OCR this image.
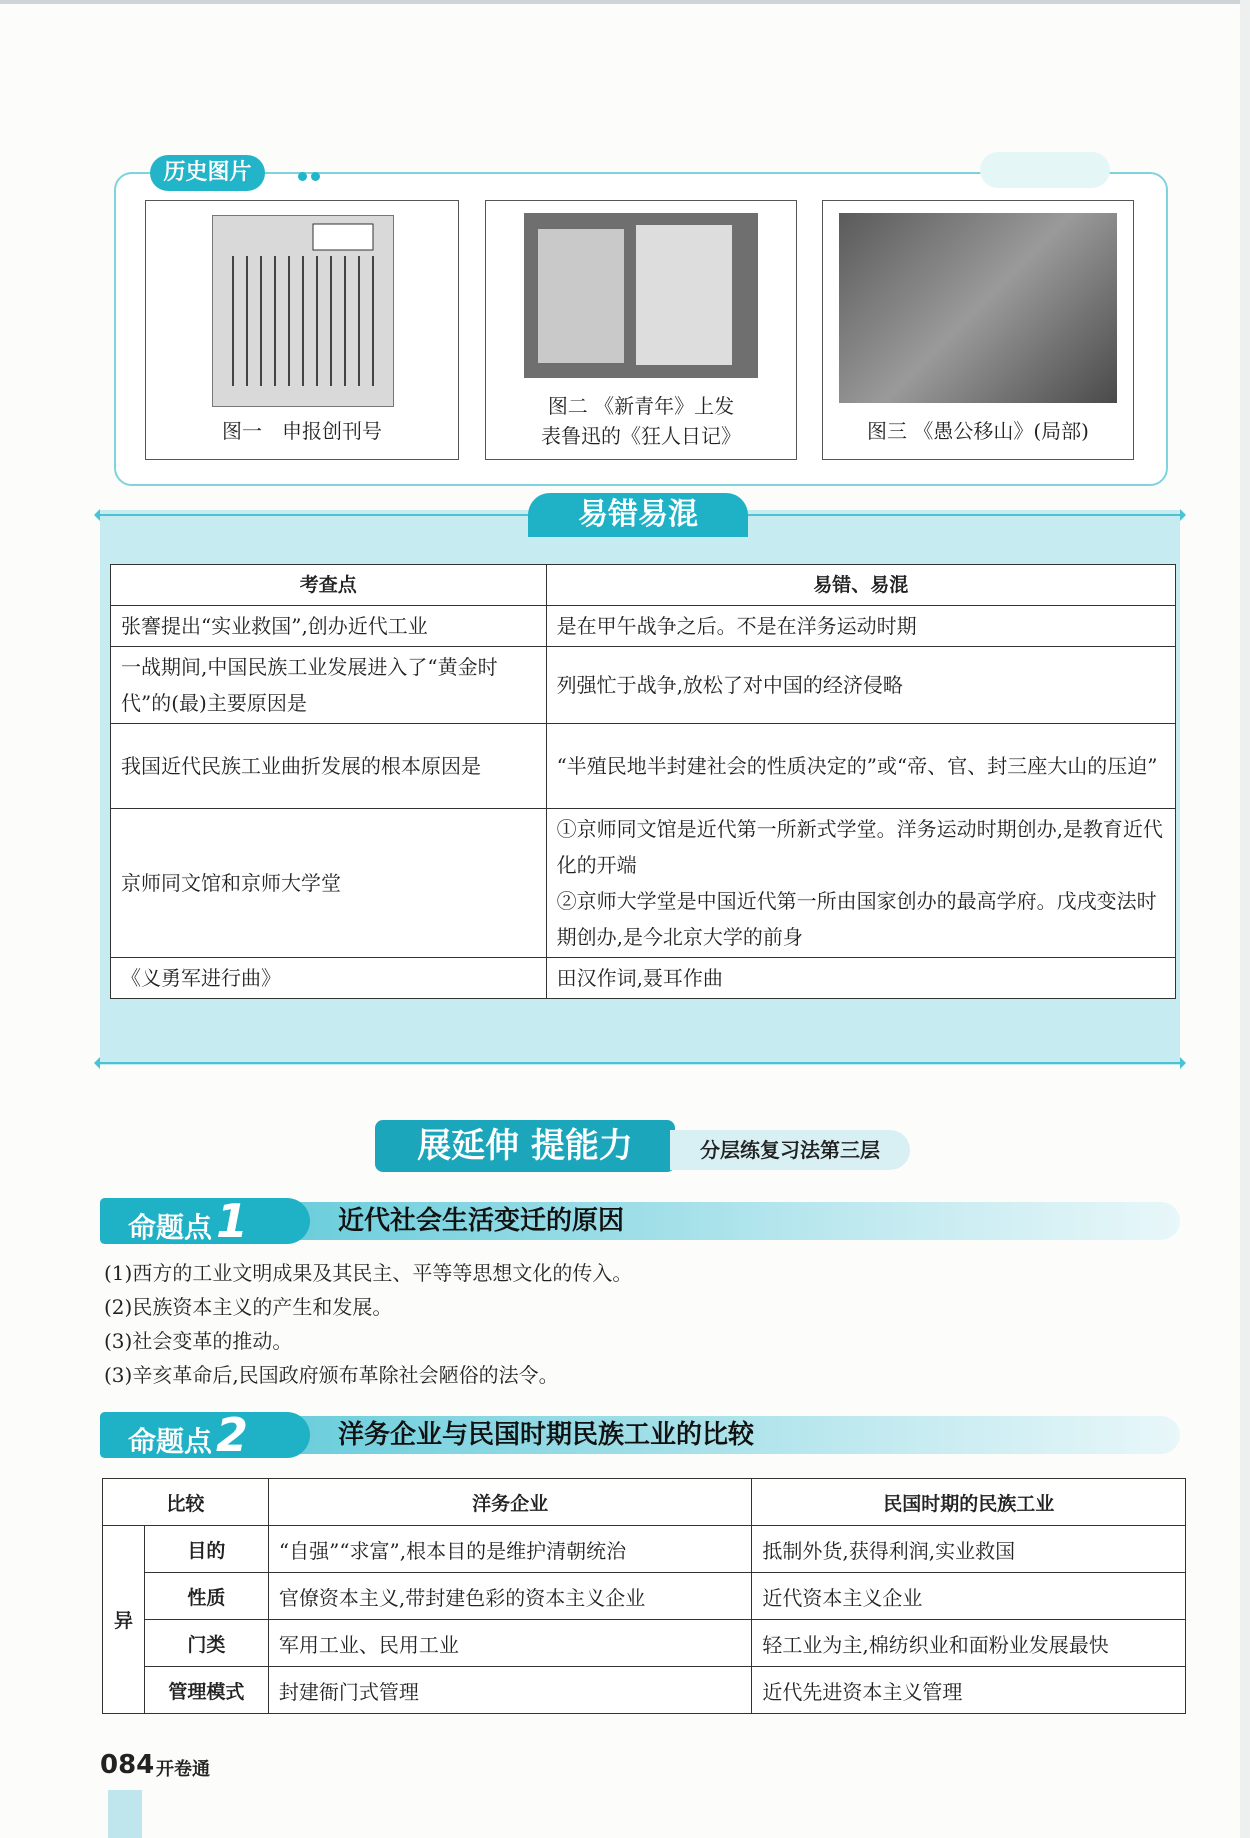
历史图片
图一　申报创刊号
图二 《新青年》上发
表鲁迅的《狂人日记》	图三 《愚公移山》(局部)
易错易混
考查点	易错、易混
张謇提出“实业救国”,创办近代工业	是在甲午战争之后。不是在洋务运动时期
一战期间,中国民族工业发展进入了“黄金时代”的(最)主要原因是	列强忙于战争,放松了对中国的经济侵略
我国近代民族工业曲折发展的根本原因是	“半殖民地半封建社会的性质决定的”或“帝、官、封三座大山的压迫”
京师同文馆和京师大学堂	①京师同文馆是近代第一所新式学堂。洋务运动时期创办,是教育近代化的开端
②京师大学堂是中国近代第一所由国家创办的最高学府。戊戌变法时期创办,是今北京大学的前身
《义勇军进行曲》	田汉作词,聂耳作曲
展延伸 提能力	分层练复习法第三层
命题点1	近代社会生活变迁的原因
(1)西方的工业文明成果及其民主、平等等思想文化的传入。
(2)民族资本主义的产生和发展。
(3)社会变革的推动。
(3)辛亥革命后,民国政府颁布革除社会陋俗的法令。
命题点2	洋务企业与民国时期民族工业的比较
比较		洋务企业	民国时期的民族工业
异	目的	“自强”“求富”,根本目的是维护清朝统治	抵制外货,获得利润,实业救国
	性质	官僚资本主义,带封建色彩的资本主义企业	近代资本主义企业
	门类	军用工业、民用工业	轻工业为主,棉纺织业和面粉业发展最快
	管理模式	封建衙门式管理	近代先进资本主义管理
084 开卷通
